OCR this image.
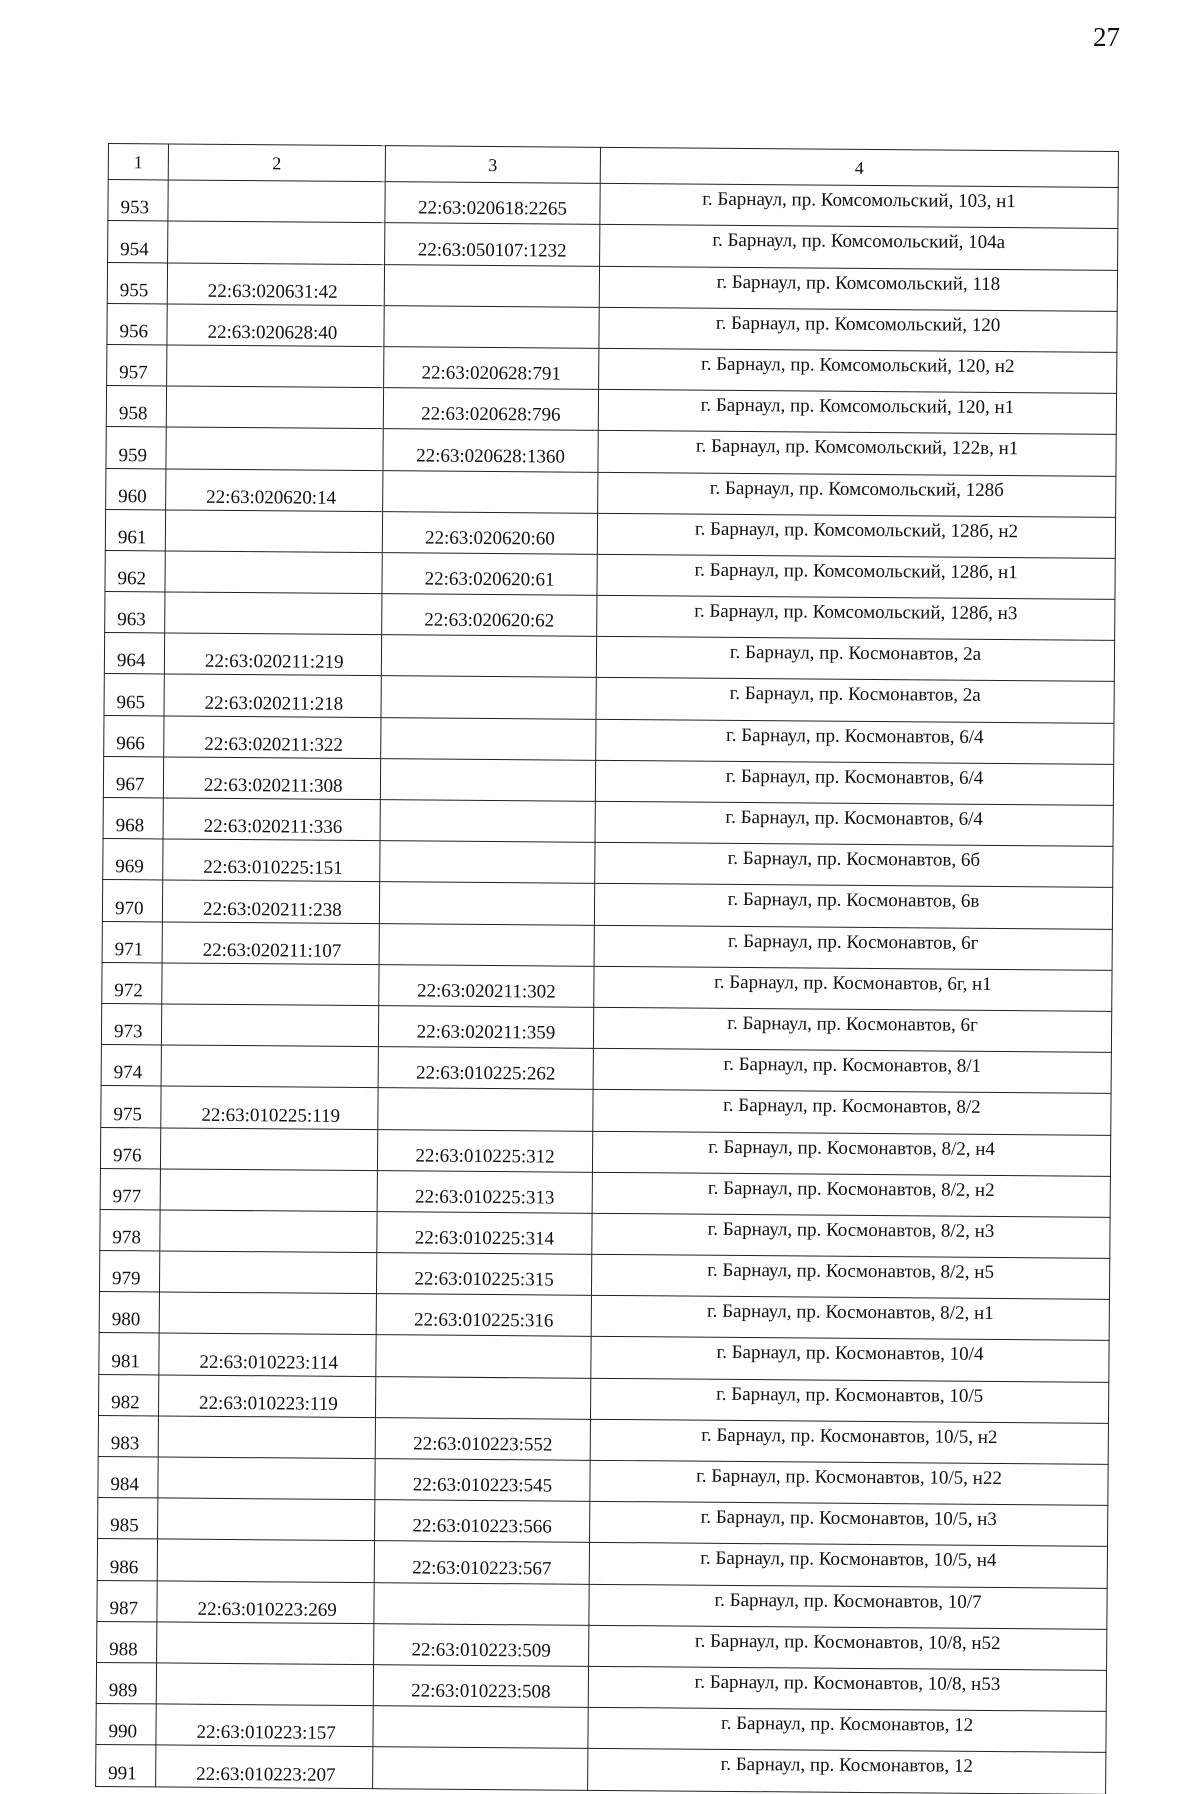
27
1	2	3	4
953		22:63:020618:2265	г. Барнаул, пр. Комсомольский, 103, н1
954		22:63:050107:1232	г. Барнаул, пр. Комсомольский, 104а
955	22:63:020631:42		г. Барнаул, пр. Комсомольский, 118
956	22:63:020628:40		г. Барнаул, пр. Комсомольский, 120
957		22:63:020628:791	г. Барнаул, пр. Комсомольский, 120, н2
958		22:63:020628:796	г. Барнаул, пр. Комсомольский, 120, н1
959		22:63:020628:1360	г. Барнаул, пр. Комсомольский, 122в, н1
960	22:63:020620:14		г. Барнаул, пр. Комсомольский, 128б
961		22:63:020620:60	г. Барнаул, пр. Комсомольский, 128б, н2
962		22:63:020620:61	г. Барнаул, пр. Комсомольский, 128б, н1
963		22:63:020620:62	г. Барнаул, пр. Комсомольский, 128б, н3
964	22:63:020211:219		г. Барнаул, пр. Космонавтов, 2а
965	22:63:020211:218		г. Барнаул, пр. Космонавтов, 2а
966	22:63:020211:322		г. Барнаул, пр. Космонавтов, 6/4
967	22:63:020211:308		г. Барнаул, пр. Космонавтов, 6/4
968	22:63:020211:336		г. Барнаул, пр. Космонавтов, 6/4
969	22:63:010225:151		г. Барнаул, пр. Космонавтов, 6б
970	22:63:020211:238		г. Барнаул, пр. Космонавтов, 6в
971	22:63:020211:107		г. Барнаул, пр. Космонавтов, 6г
972		22:63:020211:302	г. Барнаул, пр. Космонавтов, 6г, н1
973		22:63:020211:359	г. Барнаул, пр. Космонавтов, 6г
974		22:63:010225:262	г. Барнаул, пр. Космонавтов, 8/1
975	22:63:010225:119		г. Барнаул, пр. Космонавтов, 8/2
976		22:63:010225:312	г. Барнаул, пр. Космонавтов, 8/2, н4
977		22:63:010225:313	г. Барнаул, пр. Космонавтов, 8/2, н2
978		22:63:010225:314	г. Барнаул, пр. Космонавтов, 8/2, н3
979		22:63:010225:315	г. Барнаул, пр. Космонавтов, 8/2, н5
980		22:63:010225:316	г. Барнаул, пр. Космонавтов, 8/2, н1
981	22:63:010223:114		г. Барнаул, пр. Космонавтов, 10/4
982	22:63:010223:119		г. Барнаул, пр. Космонавтов, 10/5
983		22:63:010223:552	г. Барнаул, пр. Космонавтов, 10/5, н2
984		22:63:010223:545	г. Барнаул, пр. Космонавтов, 10/5, н22
985		22:63:010223:566	г. Барнаул, пр. Космонавтов, 10/5, н3
986		22:63:010223:567	г. Барнаул, пр. Космонавтов, 10/5, н4
987	22:63:010223:269		г. Барнаул, пр. Космонавтов, 10/7
988		22:63:010223:509	г. Барнаул, пр. Космонавтов, 10/8, н52
989		22:63:010223:508	г. Барнаул, пр. Космонавтов, 10/8, н53
990	22:63:010223:157		г. Барнаул, пр. Космонавтов, 12
991	22:63:010223:207		г. Барнаул, пр. Космонавтов, 12
